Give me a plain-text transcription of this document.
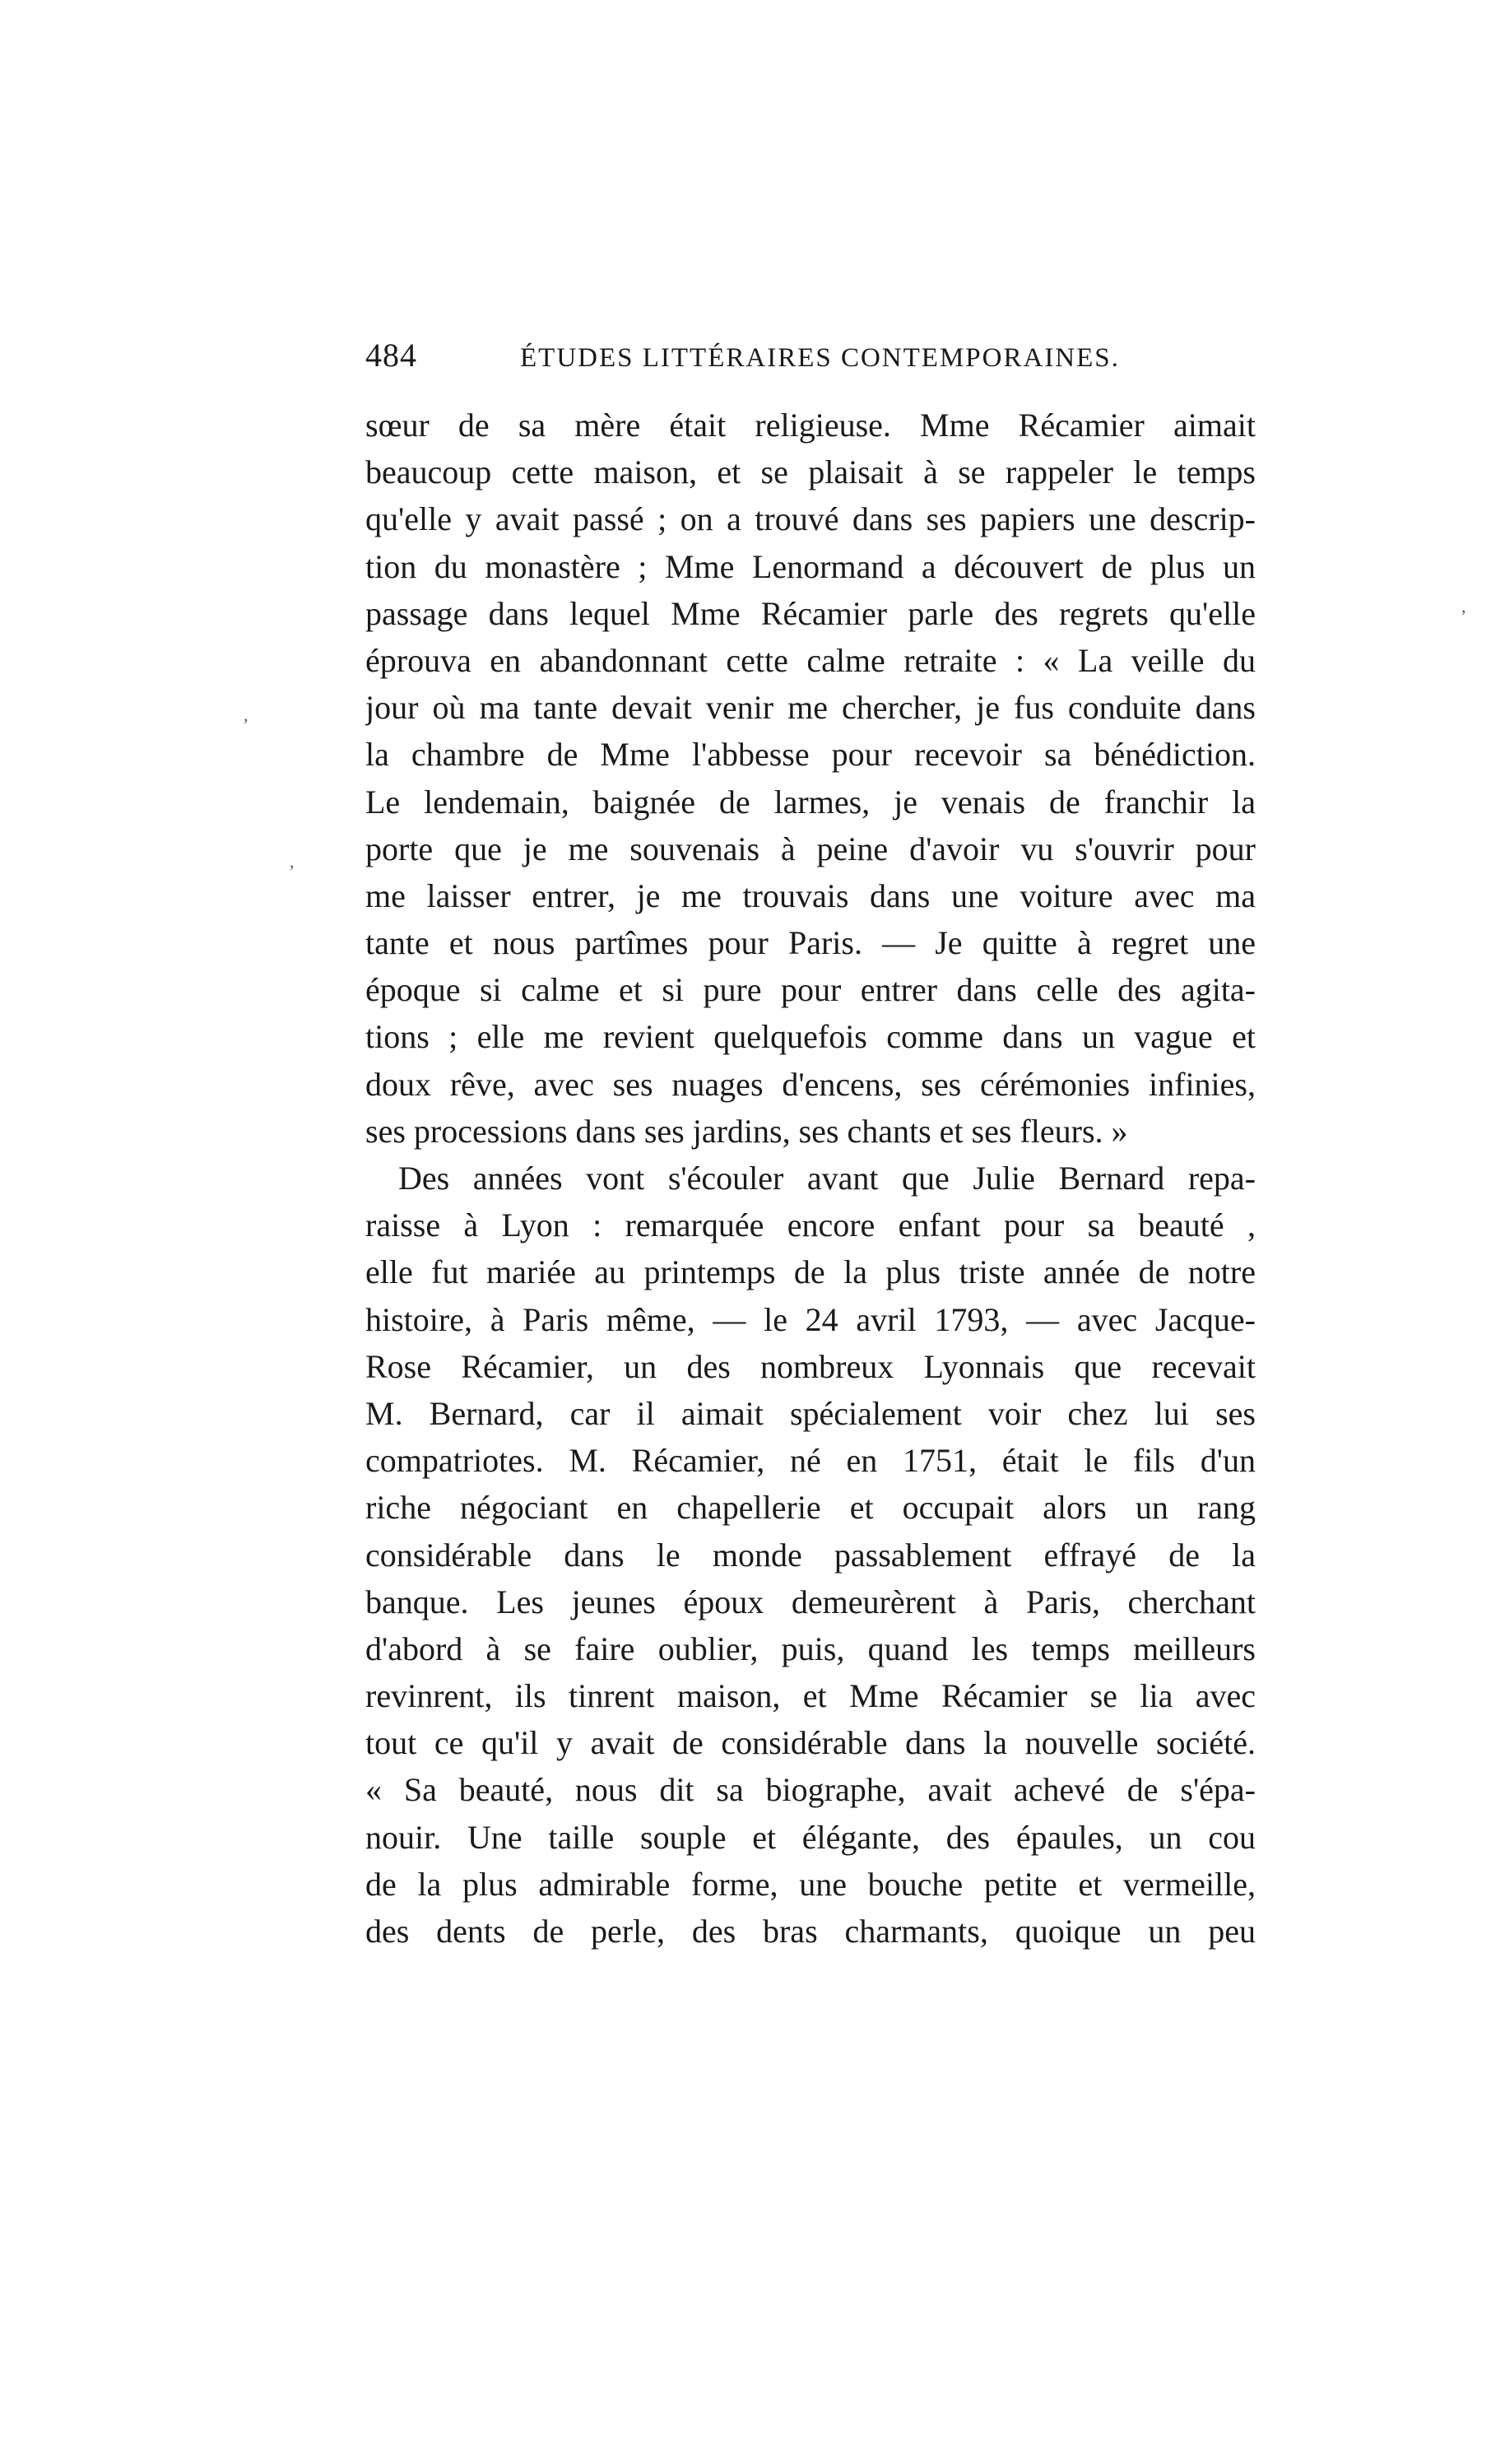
484	ÉTUDES LITTÉRAIRES CONTEMPORAINES.
sœur de sa mère était religieuse. Mme Récamier aimait
beaucoup cette maison, et se plaisait à se rappeler le temps
qu'elle y avait passé ; on a trouvé dans ses papiers une descrip-
tion du monastère ; Mme Lenormand a découvert de plus un
passage dans lequel Mme Récamier parle des regrets qu'elle
éprouva en abandonnant cette calme retraite : « La veille du
jour où ma tante devait venir me chercher, je fus conduite dans
la chambre de Mme l'abbesse pour recevoir sa bénédiction.
Le lendemain, baignée de larmes, je venais de franchir la
porte que je me souvenais à peine d'avoir vu s'ouvrir pour
me laisser entrer, je me trouvais dans une voiture avec ma
tante et nous partîmes pour Paris. — Je quitte à regret une
époque si calme et si pure pour entrer dans celle des agita-
tions ; elle me revient quelquefois comme dans un vague et
doux rêve, avec ses nuages d'encens, ses cérémonies infinies,
ses processions dans ses jardins, ses chants et ses fleurs. »
Des années vont s'écouler avant que Julie Bernard repa-
raisse à Lyon : remarquée encore enfant pour sa beauté ,
elle fut mariée au printemps de la plus triste année de notre
histoire, à Paris même, — le 24 avril 1793, — avec Jacque-
Rose Récamier, un des nombreux Lyonnais que recevait
M. Bernard, car il aimait spécialement voir chez lui ses
compatriotes. M. Récamier, né en 1751, était le fils d'un
riche négociant en chapellerie et occupait alors un rang
considérable dans le monde passablement effrayé de la
banque. Les jeunes époux demeurèrent à Paris, cherchant
d'abord à se faire oublier, puis, quand les temps meilleurs
revinrent, ils tinrent maison, et Mme Récamier se lia avec
tout ce qu'il y avait de considérable dans la nouvelle société.
« Sa beauté, nous dit sa biographe, avait achevé de s'épa-
nouir. Une taille souple et élégante, des épaules, un cou
de la plus admirable forme, une bouche petite et vermeille,
des dents de perle, des bras charmants, quoique un peu
,
,
,
